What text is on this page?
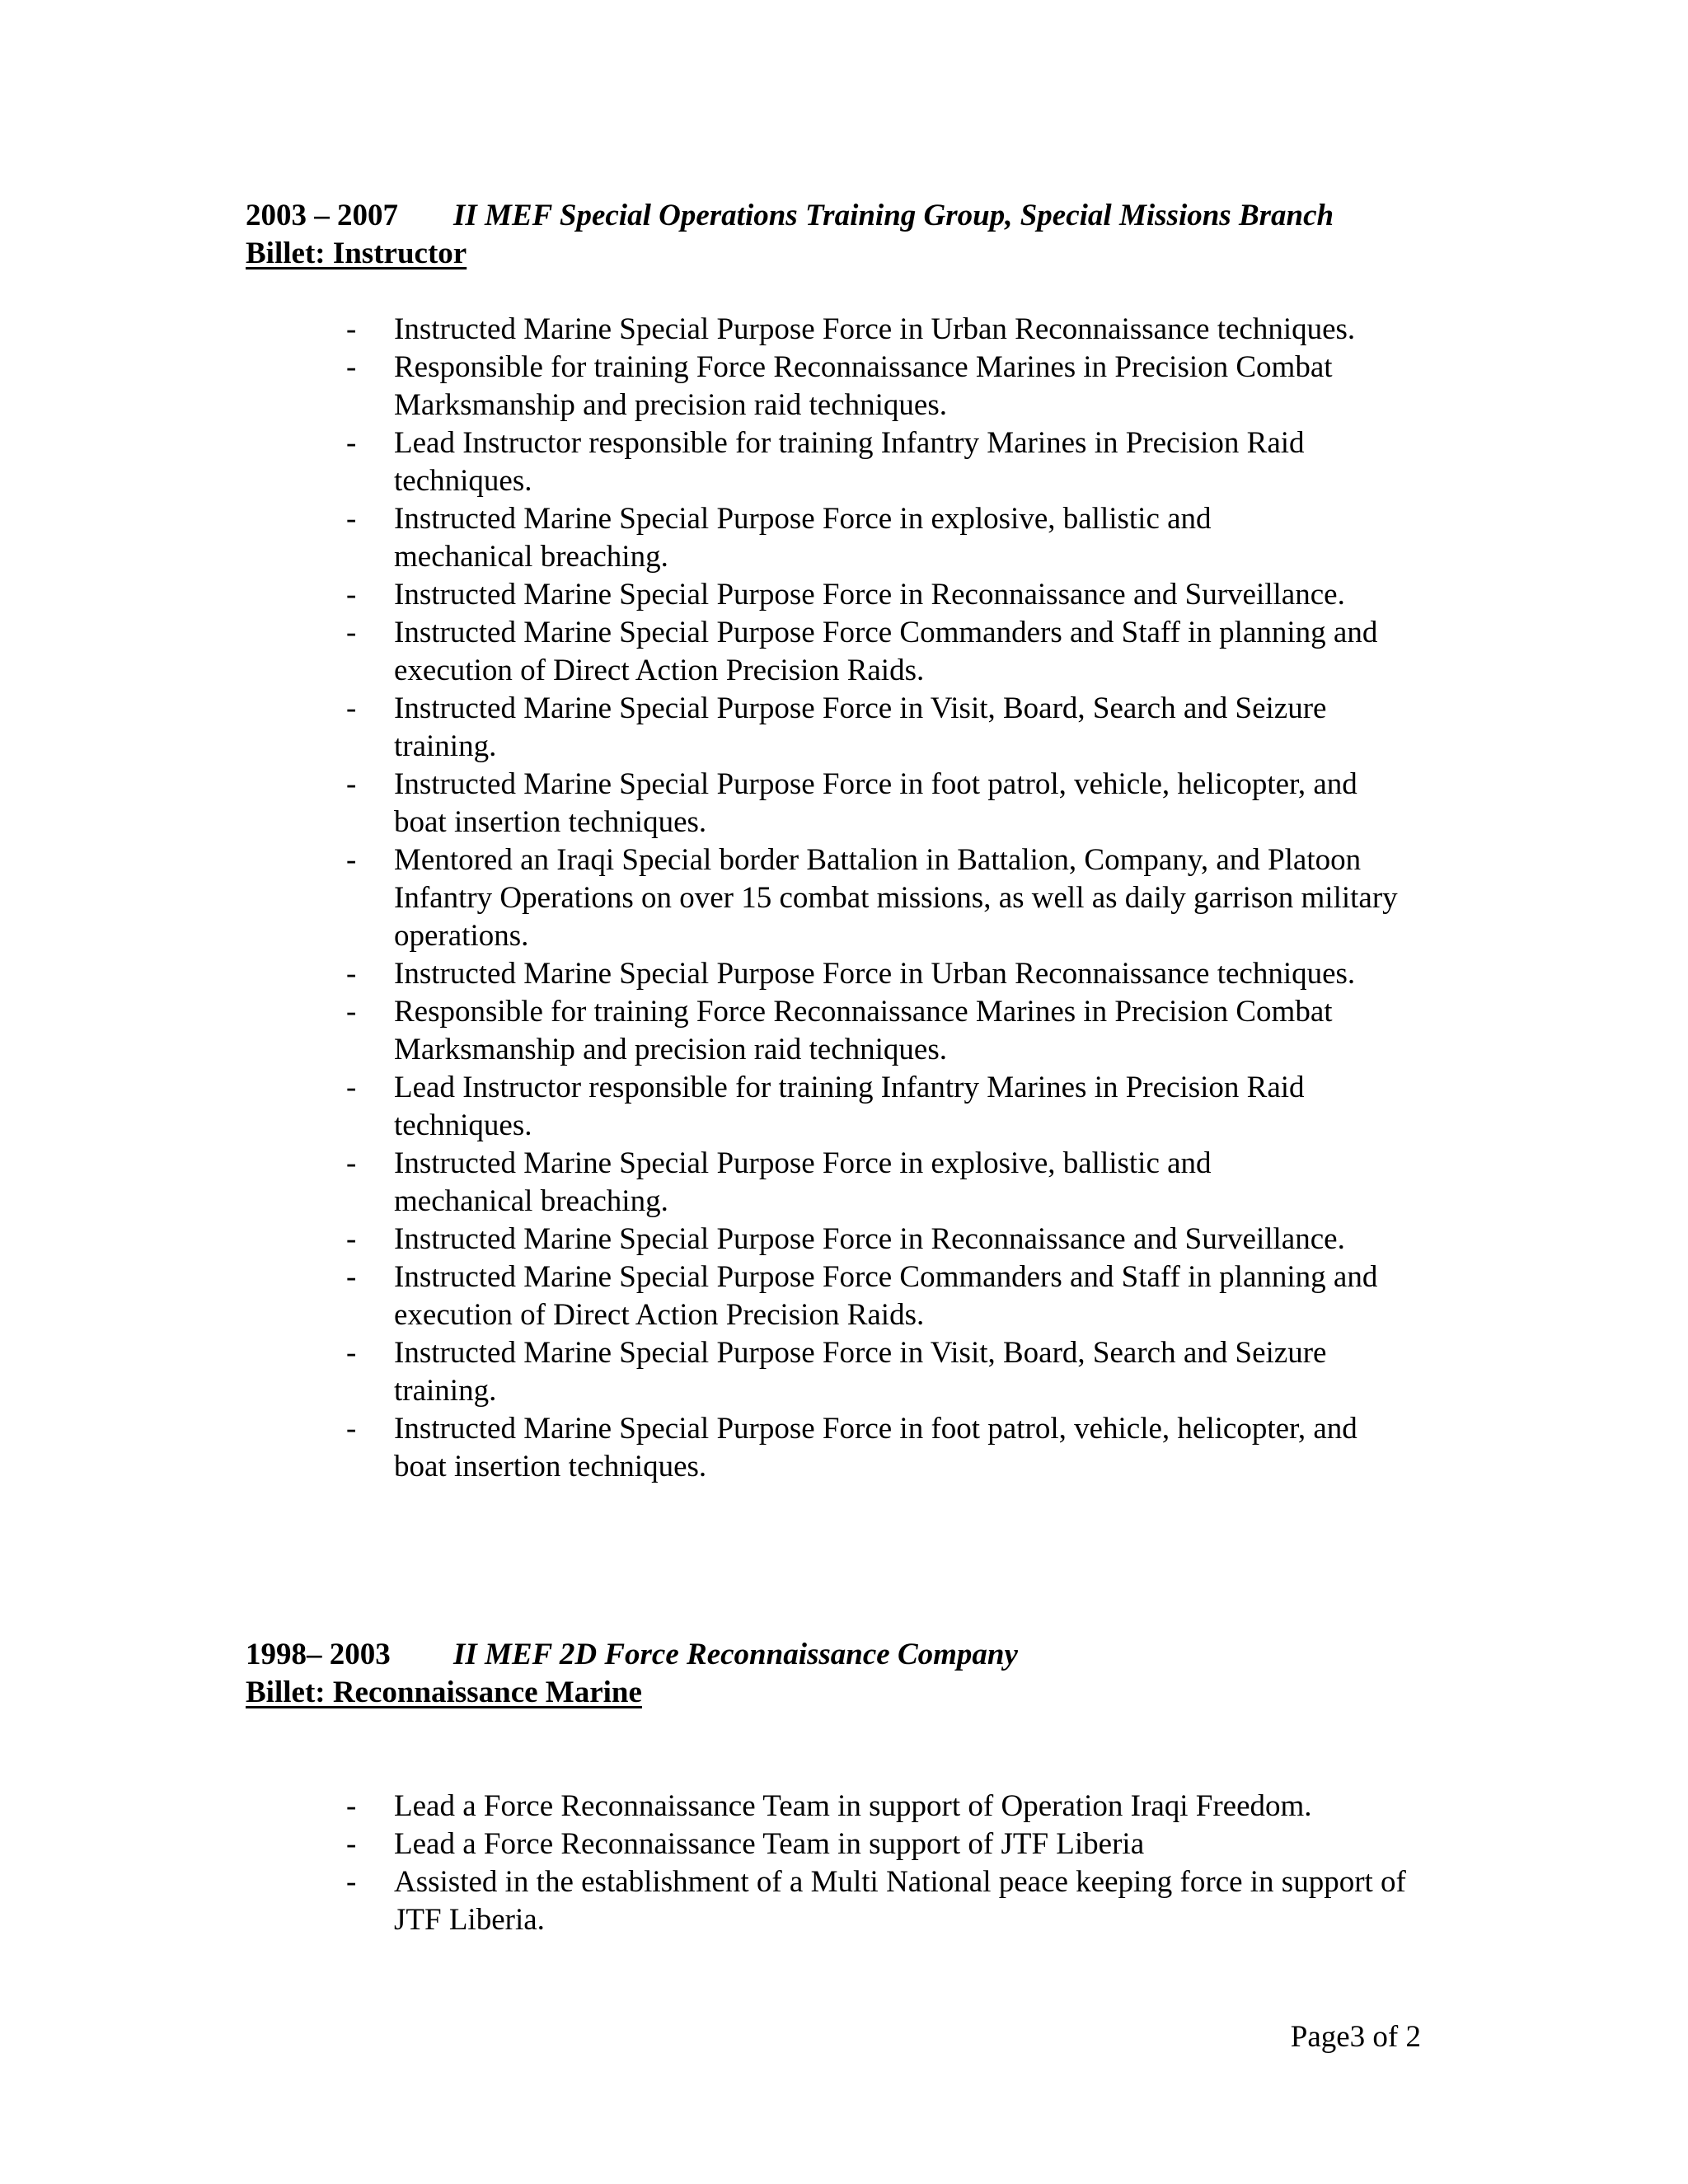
2003 – 2007 II MEF Special Operations Training Group, Special Missions Branch
Billet: Instructor
- Instructed Marine Special Purpose Force in Urban Reconnaissance techniques.
- Responsible for training Force Reconnaissance Marines in Precision Combat Marksmanship and precision raid techniques.
- Lead Instructor responsible for training Infantry Marines in Precision Raid techniques.
- Instructed Marine Special Purpose Force in explosive, ballistic and mechanical breaching.
- Instructed Marine Special Purpose Force in Reconnaissance and Surveillance.
- Instructed Marine Special Purpose Force Commanders and Staff in planning and execution of Direct Action Precision Raids.
- Instructed Marine Special Purpose Force in Visit, Board, Search and Seizure training.
- Instructed Marine Special Purpose Force in foot patrol, vehicle, helicopter, and boat insertion techniques.
- Mentored an Iraqi Special border Battalion in Battalion, Company, and Platoon Infantry Operations on over 15 combat missions, as well as daily garrison military operations.
- Instructed Marine Special Purpose Force in Urban Reconnaissance techniques.
- Responsible for training Force Reconnaissance Marines in Precision Combat Marksmanship and precision raid techniques.
- Lead Instructor responsible for training Infantry Marines in Precision Raid techniques.
- Instructed Marine Special Purpose Force in explosive, ballistic and mechanical breaching.
- Instructed Marine Special Purpose Force in Reconnaissance and Surveillance.
- Instructed Marine Special Purpose Force Commanders and Staff in planning and execution of Direct Action Precision Raids.
- Instructed Marine Special Purpose Force in Visit, Board, Search and Seizure training.
- Instructed Marine Special Purpose Force in foot patrol, vehicle, helicopter, and boat insertion techniques.
1998– 2003 II MEF 2D Force Reconnaissance Company
Billet: Reconnaissance Marine
- Lead a Force Reconnaissance Team in support of Operation Iraqi Freedom.
- Lead a Force Reconnaissance Team in support of JTF Liberia
- Assisted in the establishment of a Multi National peace keeping force in support of JTF Liberia.
Page3 of 2
